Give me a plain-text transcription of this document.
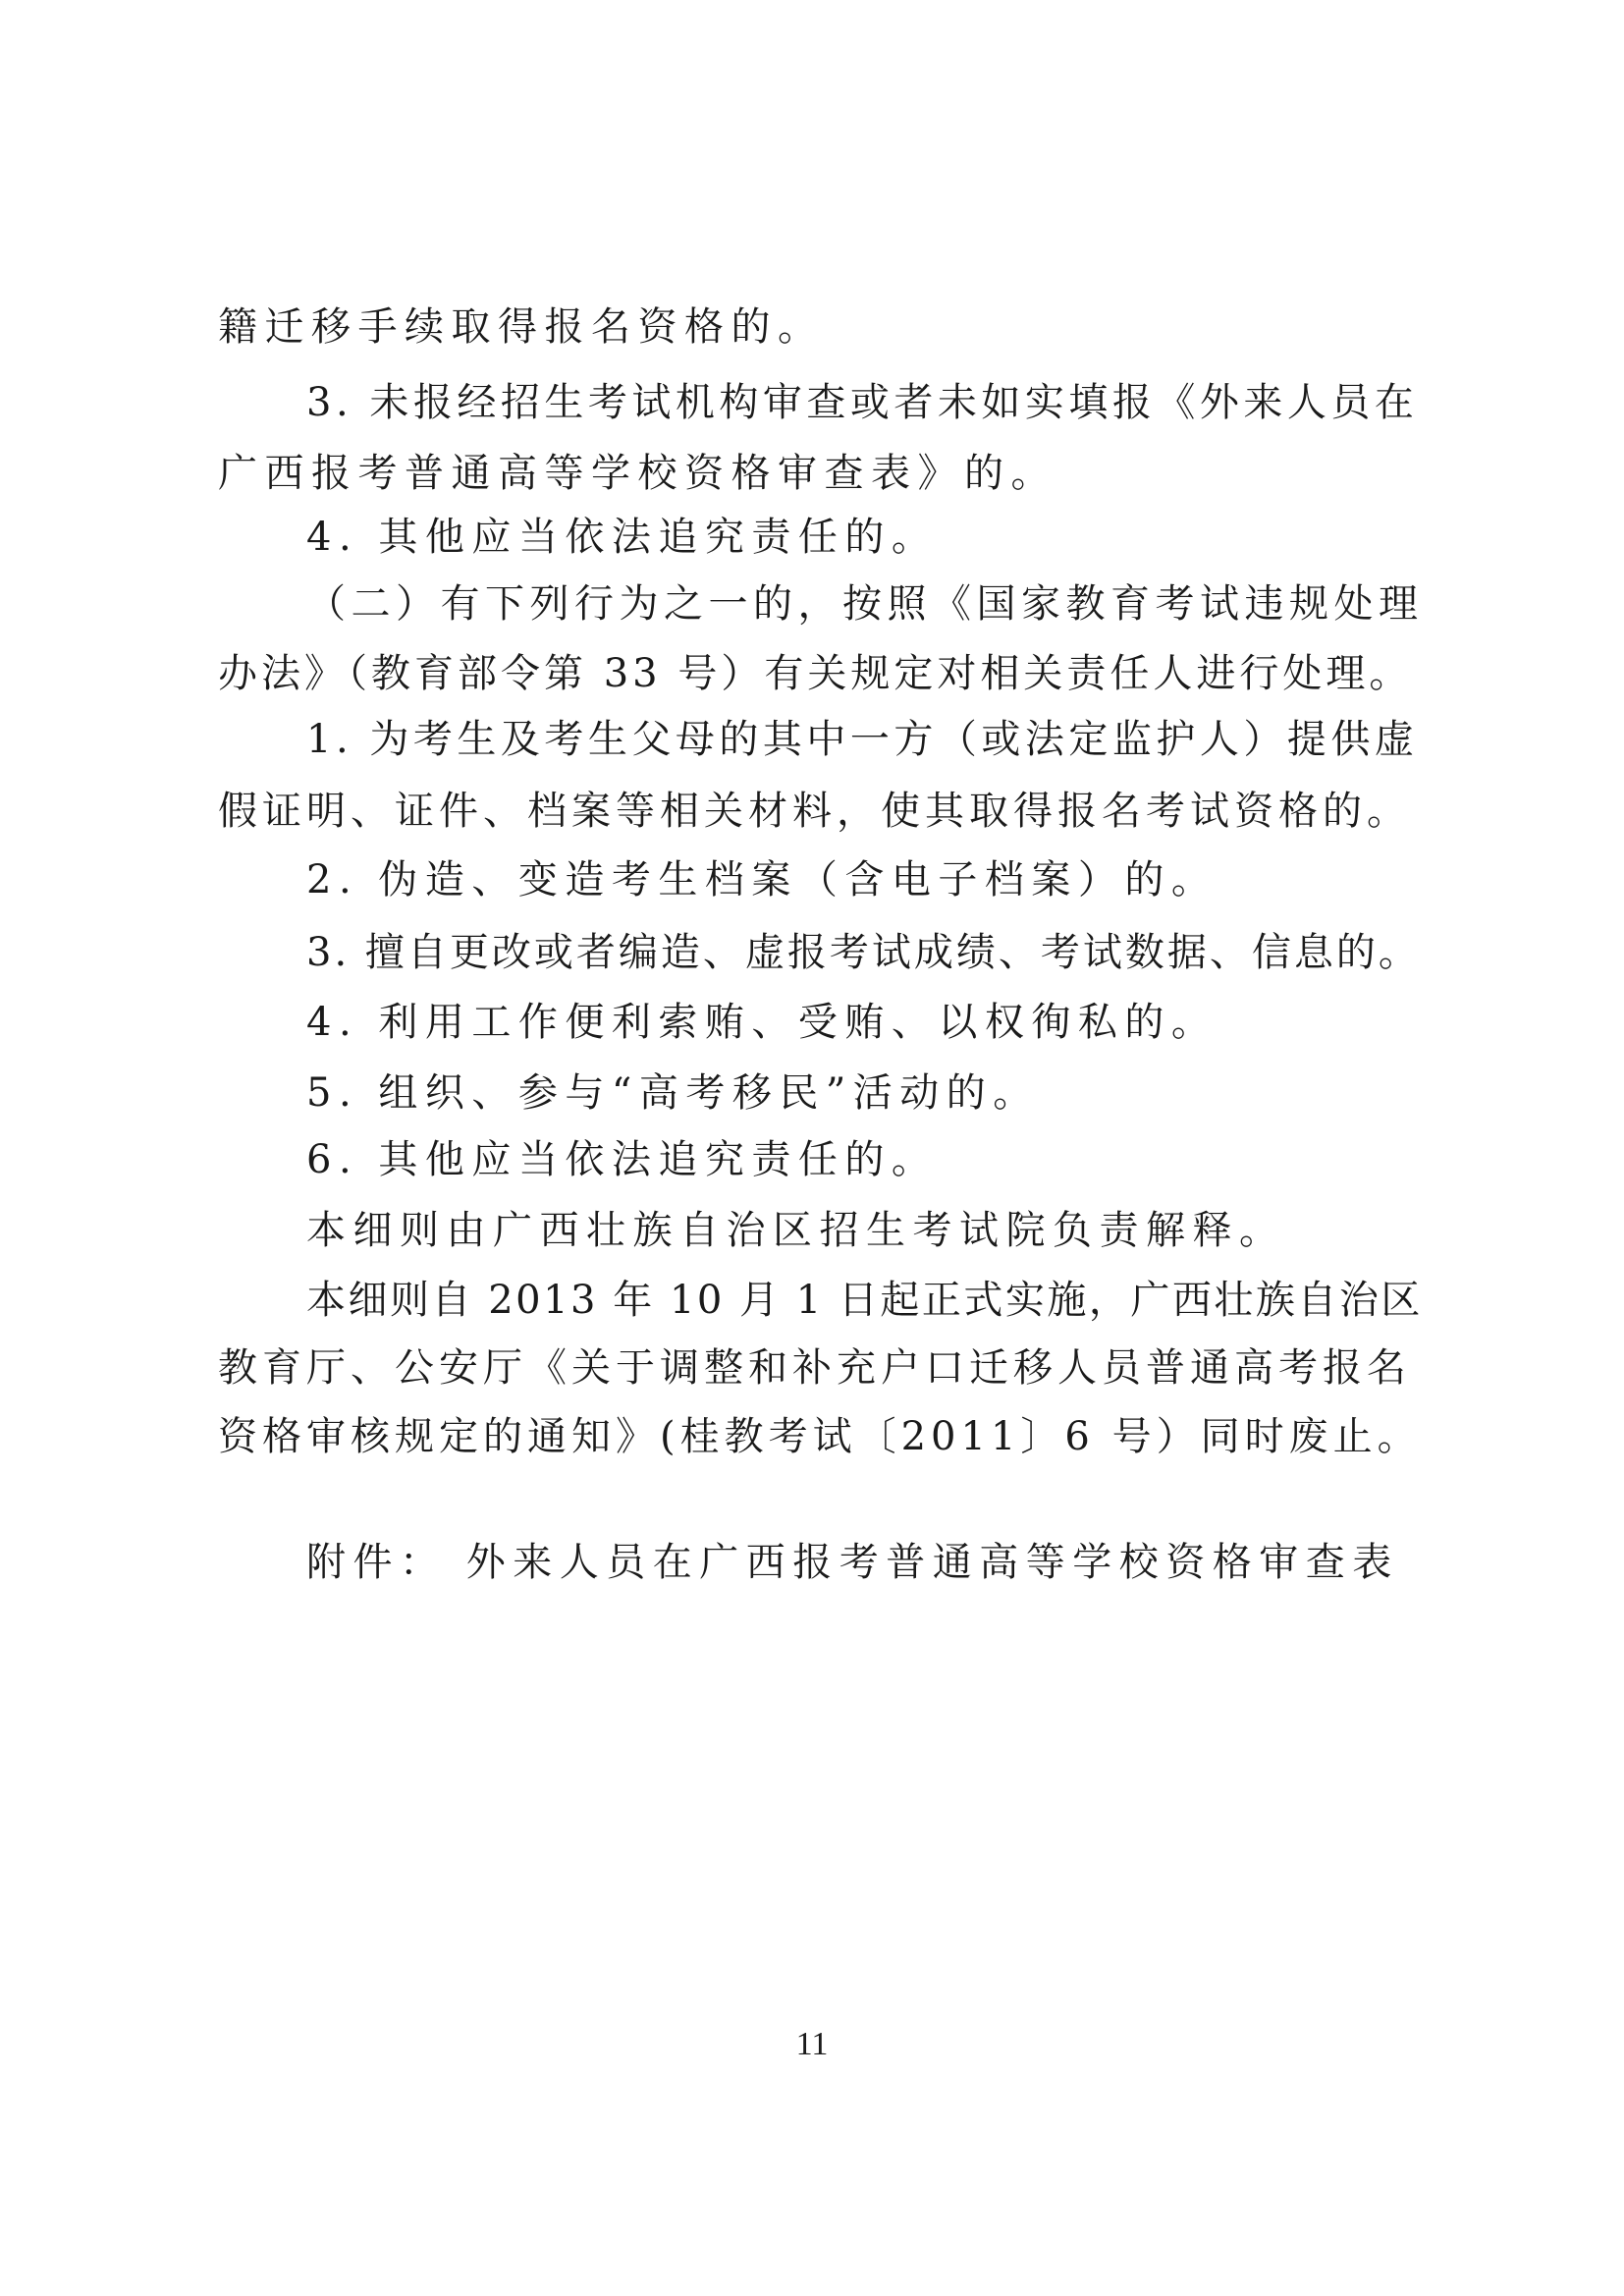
籍迁移手续取得报名资格的。
3. 未报经招生考试机构审查或者未如实填报《外来人员在
广西报考普通高等学校资格审查表》的。
4. 其他应当依法追究责任的。
（二）有下列行为之一的，按照《国家教育考试违规处理
办法》（教育部令第 33 号）有关规定对相关责任人进行处理。
1. 为考生及考生父母的其中一方（或法定监护人）提供虚
假证明、证件、档案等相关材料，使其取得报名考试资格的。
2. 伪造、变造考生档案（含电子档案）的。
3. 擅自更改或者编造、虚报考试成绩、考试数据、信息的。
4. 利用工作便利索贿、受贿、以权徇私的。
5. 组织、参与“高考移民”活动的。
6. 其他应当依法追究责任的。
本细则由广西壮族自治区招生考试院负责解释。
本细则自 2013 年 10 月 1 日起正式实施，广西壮族自治区
教育厅、公安厅《关于调整和补充户口迁移人员普通高考报名
资格审核规定的通知》(桂教考试〔2011〕6 号）同时废止。
附件： 外来人员在广西报考普通高等学校资格审查表
11
